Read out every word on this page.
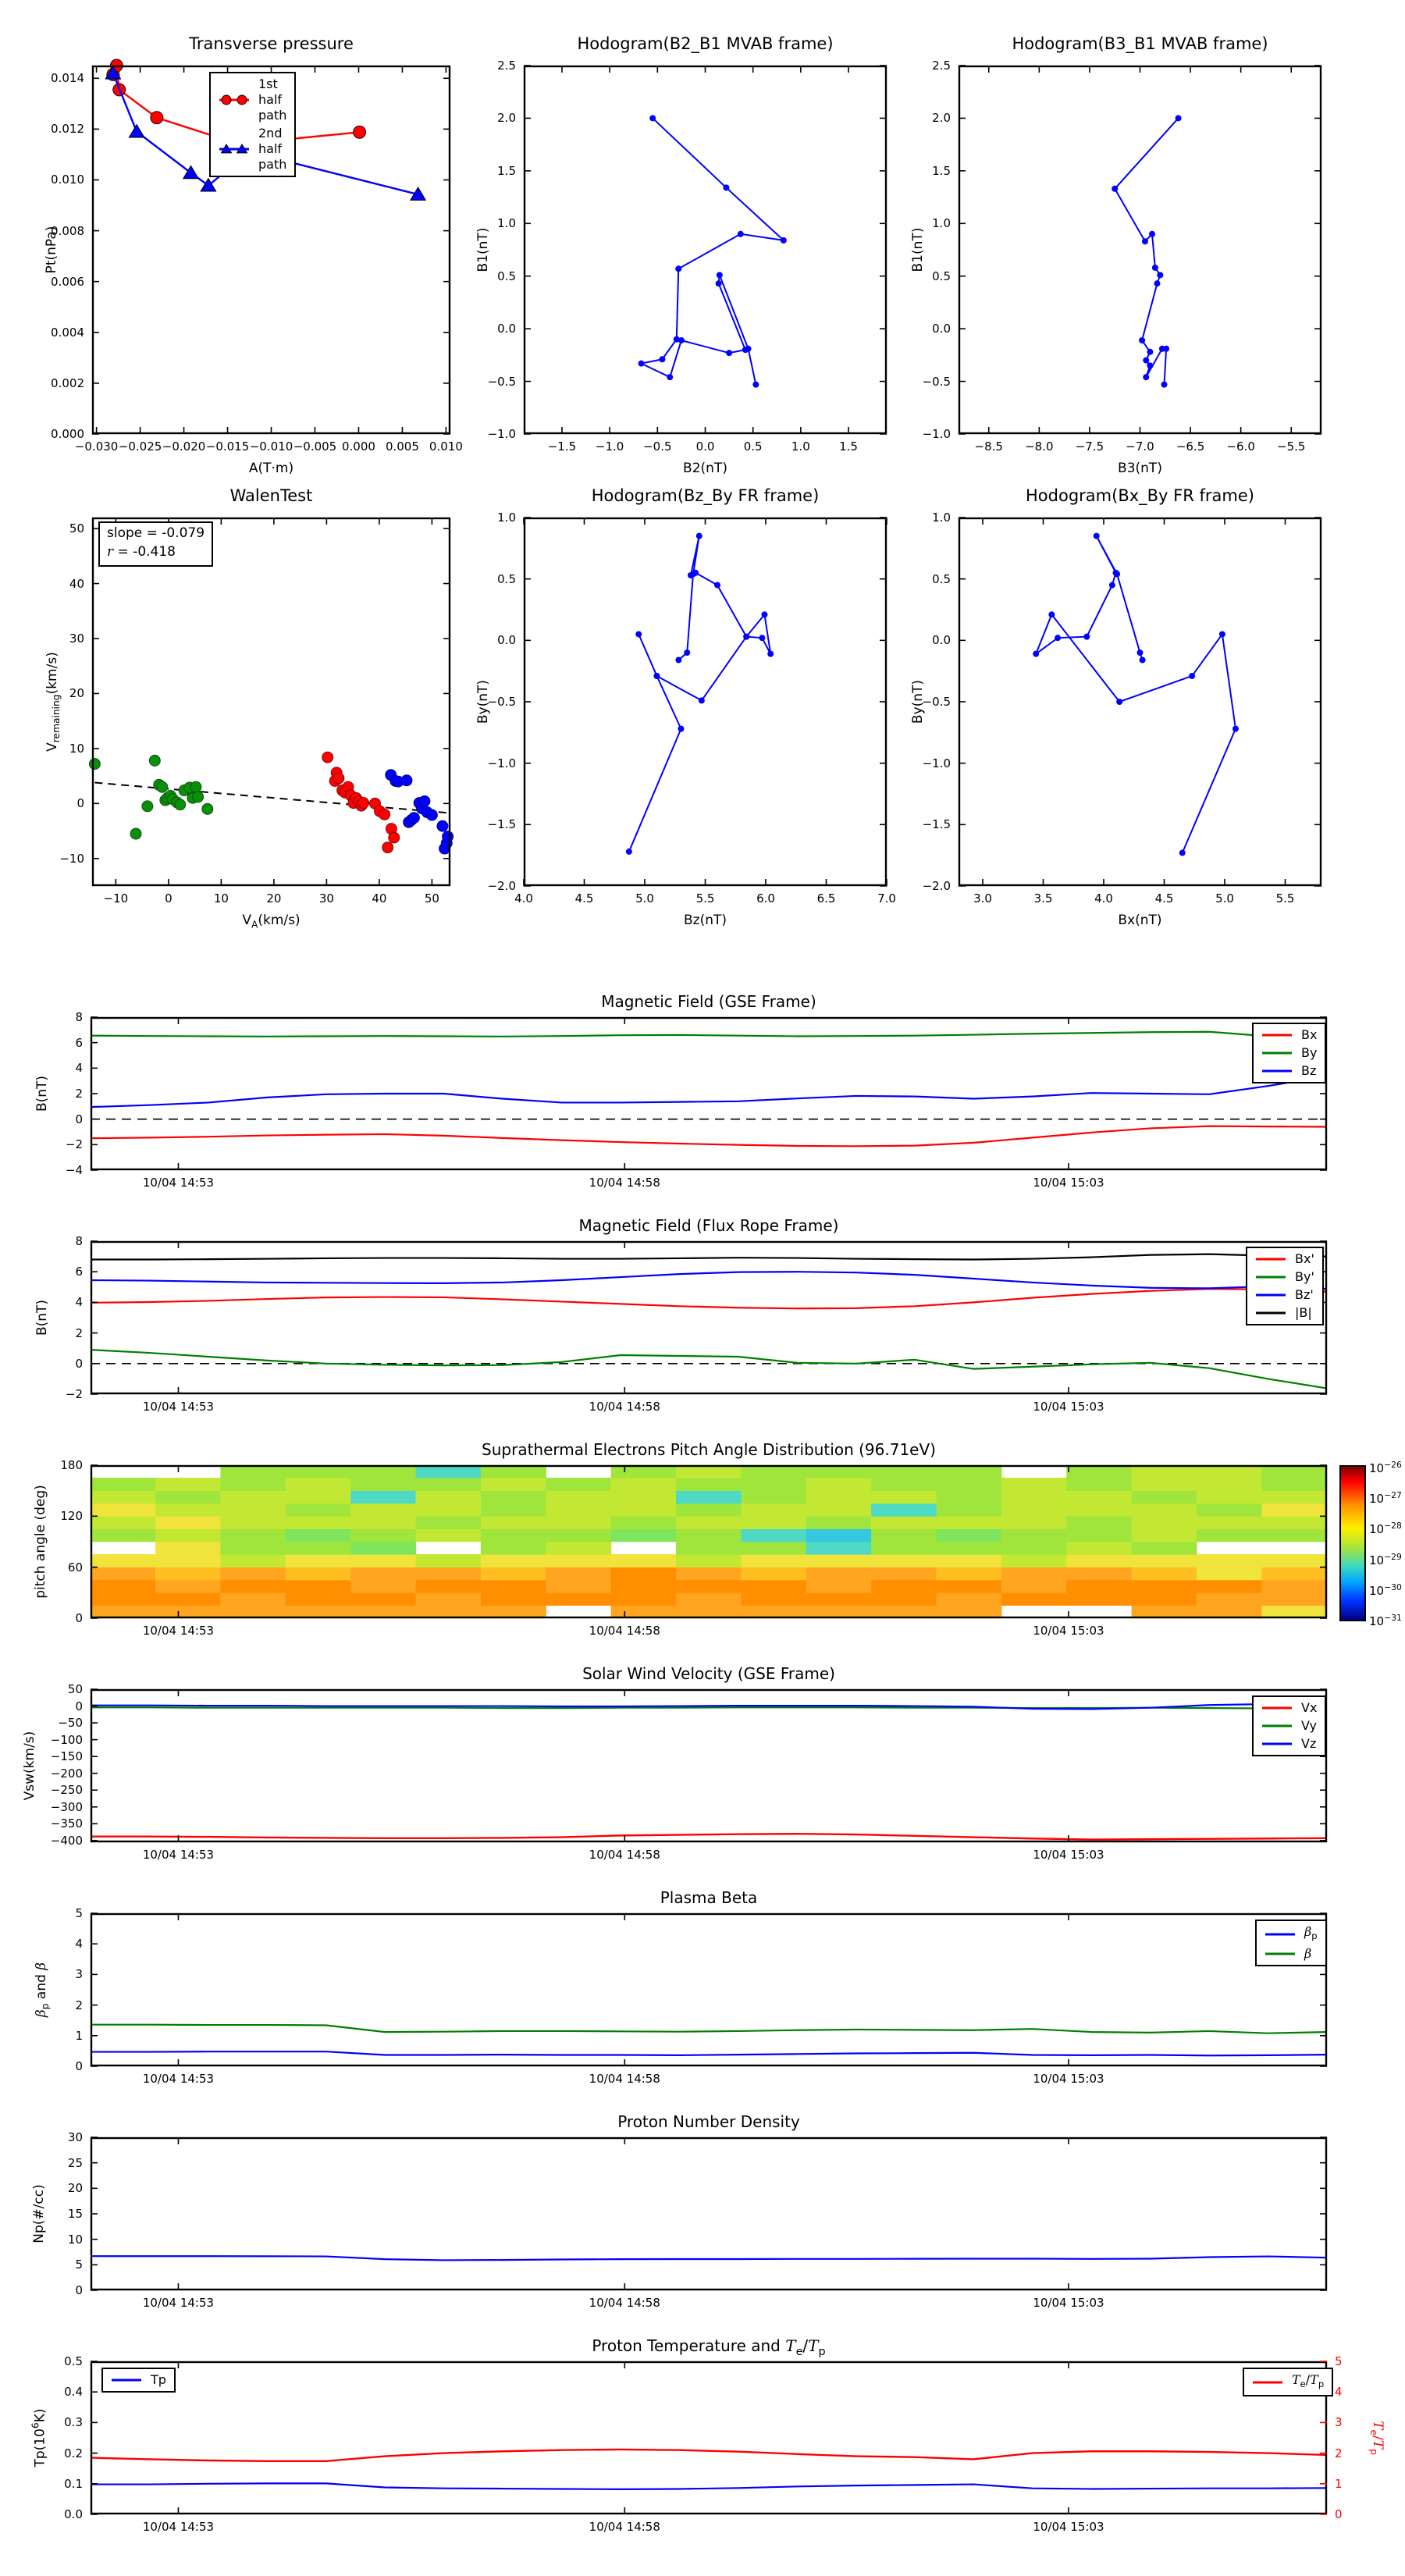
Transverse pressure
−0.030 −0.025 −0.020 −0.015 −0.010 −0.005 0.000 0.005 0.010
0.000
0.002
0.004
0.006
0.008
0.010
0.012
0.014
A(T·m)
Pt(nPa)
1st half path
2nd half path
Hodogram(B2_B1 MVAB frame)
−1.5 −1.0 −0.5 0.0 0.5 1.0 1.5
−1.0
−0.5
0.0
0.5
1.0
1.5
2.0
2.5
B2(nT)
B1(nT)
Hodogram(B3_B1 MVAB frame)
−8.5 −8.0 −7.5 −7.0 −6.5 −6.0 −5.5
−1.0
−0.5
0.0
0.5
1.0
1.5
2.0
2.5
B3(nT)
B1(nT)
WalenTest
−10	0	10	20	30	40	50
−10
0
10
20
30
40
50
$V_A(km/s)$
$V_{remaining}(km/s)$
slope = -0.079
r = -0.418
Hodogram(Bz_By FR frame)
4.0	4.5	5.0	5.5	6.0	6.5	7.0
−2.0
−1.5
−1.0
−0.5
0.0
0.5
1.0
Bz(nT)
By(nT)
Hodogram(Bx_By FR frame)
3.0	3.5	4.0	4.5	5.0	5.5
−2.0
−1.5
−1.0
−0.5
0.0
0.5
1.0
Bx(nT)
By(nT)
Magnetic Field (GSE Frame)
10/04 14:53	10/04 14:58	10/04 15:03
−4
−2
0
2
4
6
8
B(nT)
Bx
By
Bz
Magnetic Field (Flux Rope Frame)
10/04 14:53	10/04 14:58	10/04 15:03
−2
0
2
4
6
8
B(nT)
Bx'
By'
Bz'
|B|
Suprathermal Electrons Pitch Angle Distribution (96.71eV)
10/04 14:53	10/04 14:58	10/04 15:03
0
60
120
180
pitch angle (deg)
$10^{-26}$
$10^{-27}$
$10^{-28}$
$10^{-29}$
$10^{-30}$
$10^{-31}$
Solar Wind Velocity (GSE Frame)
10/04 14:53	10/04 14:58	10/04 15:03
50
0
−50
−100
−150
−200
−250
−300
−350
−400
Vsw(km/s)
Vx
Vy
Vz
Plasma Beta
10/04 14:53	10/04 14:58	10/04 15:03
0
1
2
3
4
5
$\beta_p$ and β
$\beta_p$
β
Proton Number Density
10/04 14:53	10/04 14:58	10/04 15:03
0
5
10
15
20
25
30
Np(#/cc)
Proton Temperature and $T_e/T_p$
10/04 14:53	10/04 14:58	10/04 15:03
0.0
0.1
0.2
0.3
0.4
0.5
0
1
2
3
4
5
$Tp(10^6K)$
$T_e/T_p$
Tp	$T_e/T_p$
